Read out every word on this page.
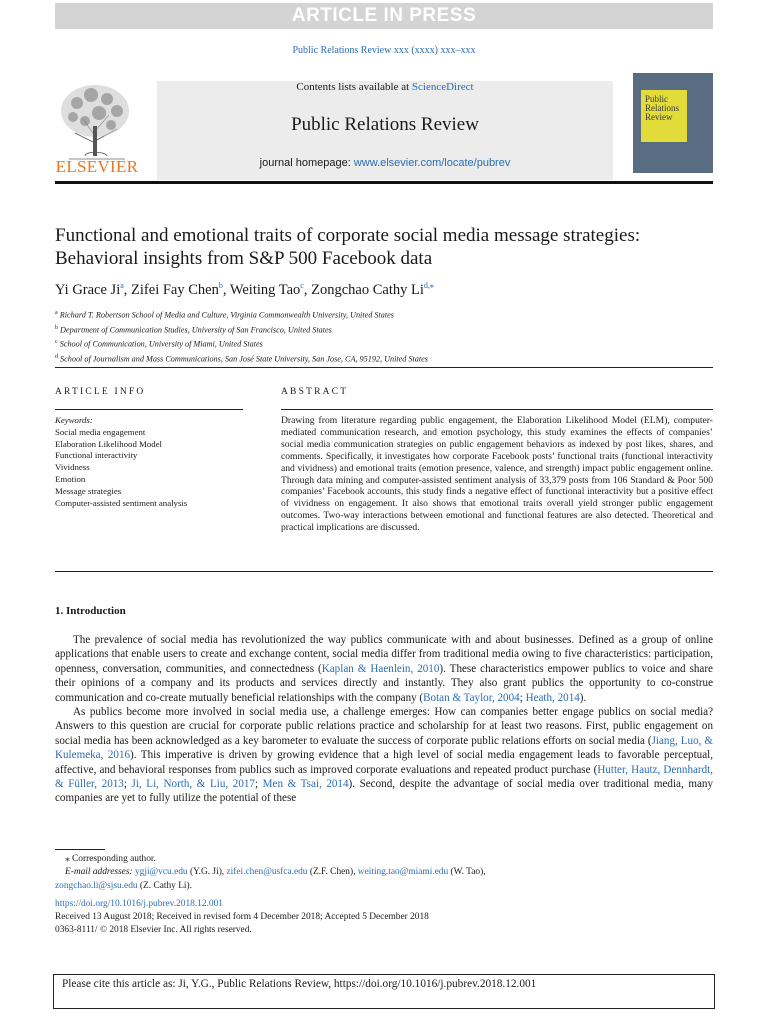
ARTICLE IN PRESS
Public Relations Review xxx (xxxx) xxx–xxx
ELSEVIER
Contents lists available at ScienceDirect
Public Relations Review
journal homepage: www.elsevier.com/locate/pubrev
Public
Relations
Review
Functional and emotional traits of corporate social media message strategies: Behavioral insights from S&P 500 Facebook data
Yi Grace Ji$^a$, Zifei Fay Chen$^b$, Weiting Tao$^c$, Zongchao Cathy $Li^{d,⁎}$
$^a$ Richard T. Robertson School of Media and Culture, Virginia Commonwealth University, United States
$^b$ Department of Communication Studies, University of San Francisco, United States
$^c$ School of Communication, University of Miami, United States
$^d$ School of Journalism and Mass Communications, San José State University, San Jose, CA, 95192, United States
ARTICLE INFO	ABSTRACT
Keywords:
Social media engagement
Elaboration Likelihood Model
Functional interactivity
Vividness
Emotion
Message strategies
Computer-assisted sentiment analysis
Drawing from literature regarding public engagement, the Elaboration Likelihood Model (ELM), computer-mediated communication research, and emotion psychology, this study examines the effects of companies’ social media communication strategies on public engagement behaviors as indexed by post likes, shares, and comments. Specifically, it investigates how corporate Facebook posts’ functional traits (functional interactivity and vividness) and emotional traits (emotion presence, valence, and strength) impact public engagement online. Through data mining and computer-assisted sentiment analysis of 33,379 posts from 106 Standard & Poor 500 companies’ Facebook accounts, this study finds a negative effect of functional interactivity but a positive effect of vividness on engagement. It also shows that emotional traits overall yield stronger public engagement outcomes. Two-way interactions between emotional and functional features are also detected. Theoretical and practical implications are discussed.
1. Introduction

The prevalence of social media has revolutionized the way publics communicate with and about businesses. Defined as a group of online applications that enable users to create and exchange content, social media differ from traditional media owing to five characteristics: participation, openness, conversation, communities, and connectedness (Kaplan & Haenlein, 2010). These characteristics empower publics to voice and share their opinions of a company and its products and services directly and instantly. They also grant publics the opportunity to co-construe communication and co-create mutually beneficial relationships with the company (Botan & Taylor, 2004; Heath, 2014).

As publics become more involved in social media use, a challenge emerges: How can companies better engage publics on social media? Answers to this question are crucial for corporate public relations practice and scholarship for at least two reasons. First, public engagement on social media has been acknowledged as a key barometer to evaluate the success of corporate public relations efforts on social media (Jiang, Luo, & Kulemeka, 2016). This imperative is driven by growing evidence that a high level of social media engagement leads to favorable perceptual, affective, and behavioral responses from publics such as improved corporate evaluations and repeated product purchase (Hutter, Hautz, Dennhardt, & Füller, 2013; Ji, Li, North, & Liu, 2017; Men & Tsai, 2014). Second, despite the advantage of social media over traditional media, many companies are yet to fully utilize the potential of these

⁎ Corresponding author.
E-mail addresses: ygji@vcu.edu (Y.G. Ji), zifei.chen@usfca.edu (Z.F. Chen), weiting.tao@miami.edu (W. Tao),
zongchao.li@sjsu.edu (Z. Cathy Li).
https://doi.org/10.1016/j.pubrev.2018.12.001
Received 13 August 2018; Received in revised form 4 December 2018; Accepted 5 December 2018
0363-8111/ © 2018 Elsevier Inc. All rights reserved.
Please cite this article as: Ji, Y.G., Public Relations Review, https://doi.org/10.1016/j.pubrev.2018.12.001
